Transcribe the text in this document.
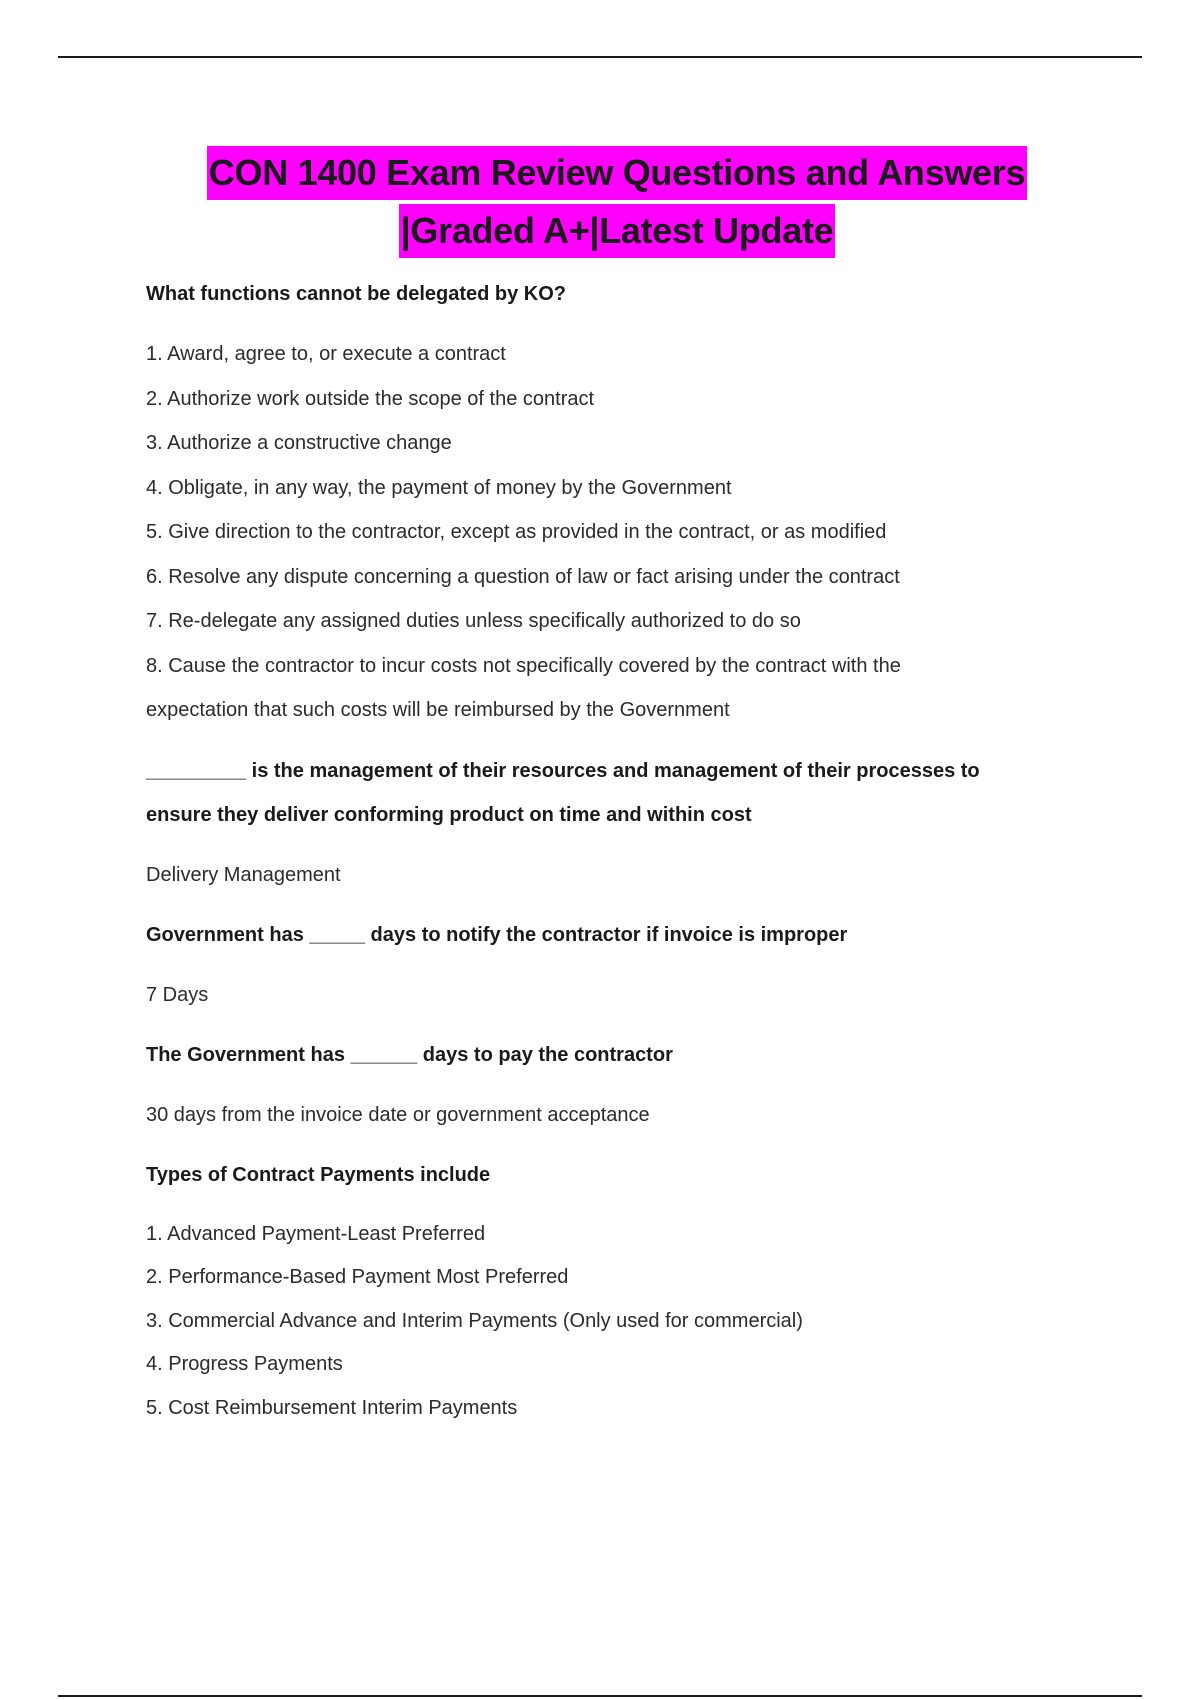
CON 1400 Exam Review Questions and Answers
|Graded A+|Latest Update

What functions cannot be delegated by KO?

1. Award, agree to, or execute a contract

2. Authorize work outside the scope of the contract

3. Authorize a constructive change

4. Obligate, in any way, the payment of money by the Government

5. Give direction to the contractor, except as provided in the contract, or as modified

6. Resolve any dispute concerning a question of law or fact arising under the contract

7. Re-delegate any assigned duties unless specifically authorized to do so

8. Cause the contractor to incur costs not specifically covered by the contract with the

expectation that such costs will be reimbursed by the Government

_________ is the management of their resources and management of their processes to

ensure they deliver conforming product on time and within cost

Delivery Management

Government has _____ days to notify the contractor if invoice is improper

7 Days

The Government has ______ days to pay the contractor

30 days from the invoice date or government acceptance

Types of Contract Payments include

1. Advanced Payment-Least Preferred

2. Performance-Based Payment Most Preferred

3. Commercial Advance and Interim Payments (Only used for commercial)

4. Progress Payments

5. Cost Reimbursement Interim Payments
